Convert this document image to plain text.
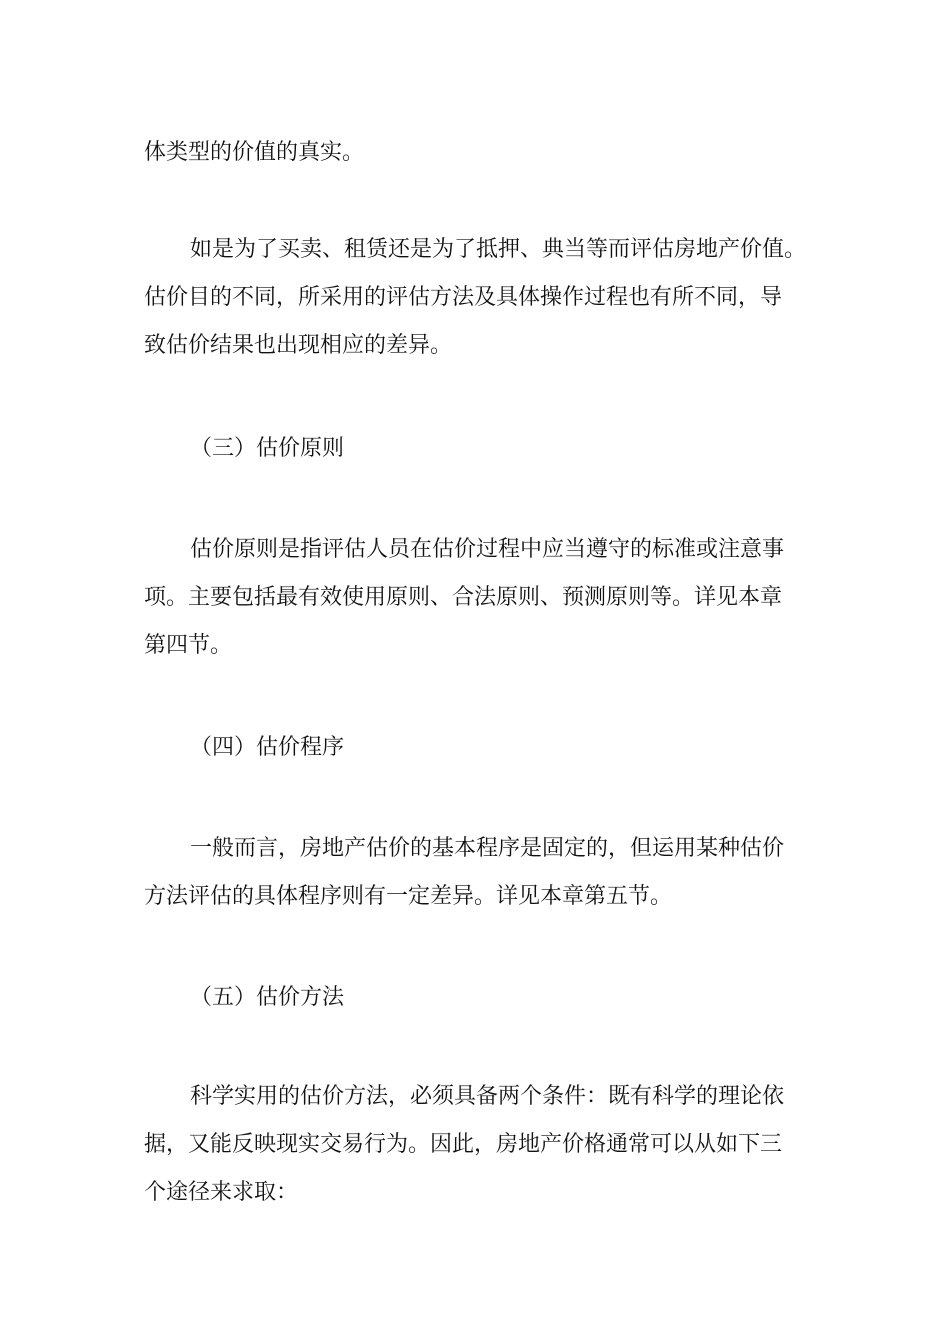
体类型的价值的真实。
如是为了买卖、租赁还是为了抵押、典当等而评估房地产价值。
估价目的不同，所采用的评估方法及具体操作过程也有所不同，导
致估价结果也出现相应的差异。
（三）估价原则
估价原则是指评估人员在估价过程中应当遵守的标准或注意事
项。主要包括最有效使用原则、合法原则、预测原则等。详见本章
第四节。
（四）估价程序
一般而言，房地产估价的基本程序是固定的，但运用某种估价
方法评估的具体程序则有一定差异。详见本章第五节。
（五）估价方法
科学实用的估价方法，必须具备两个条件：既有科学的理论依
据，又能反映现实交易行为。因此，房地产价格通常可以从如下三
个途径来求取：
